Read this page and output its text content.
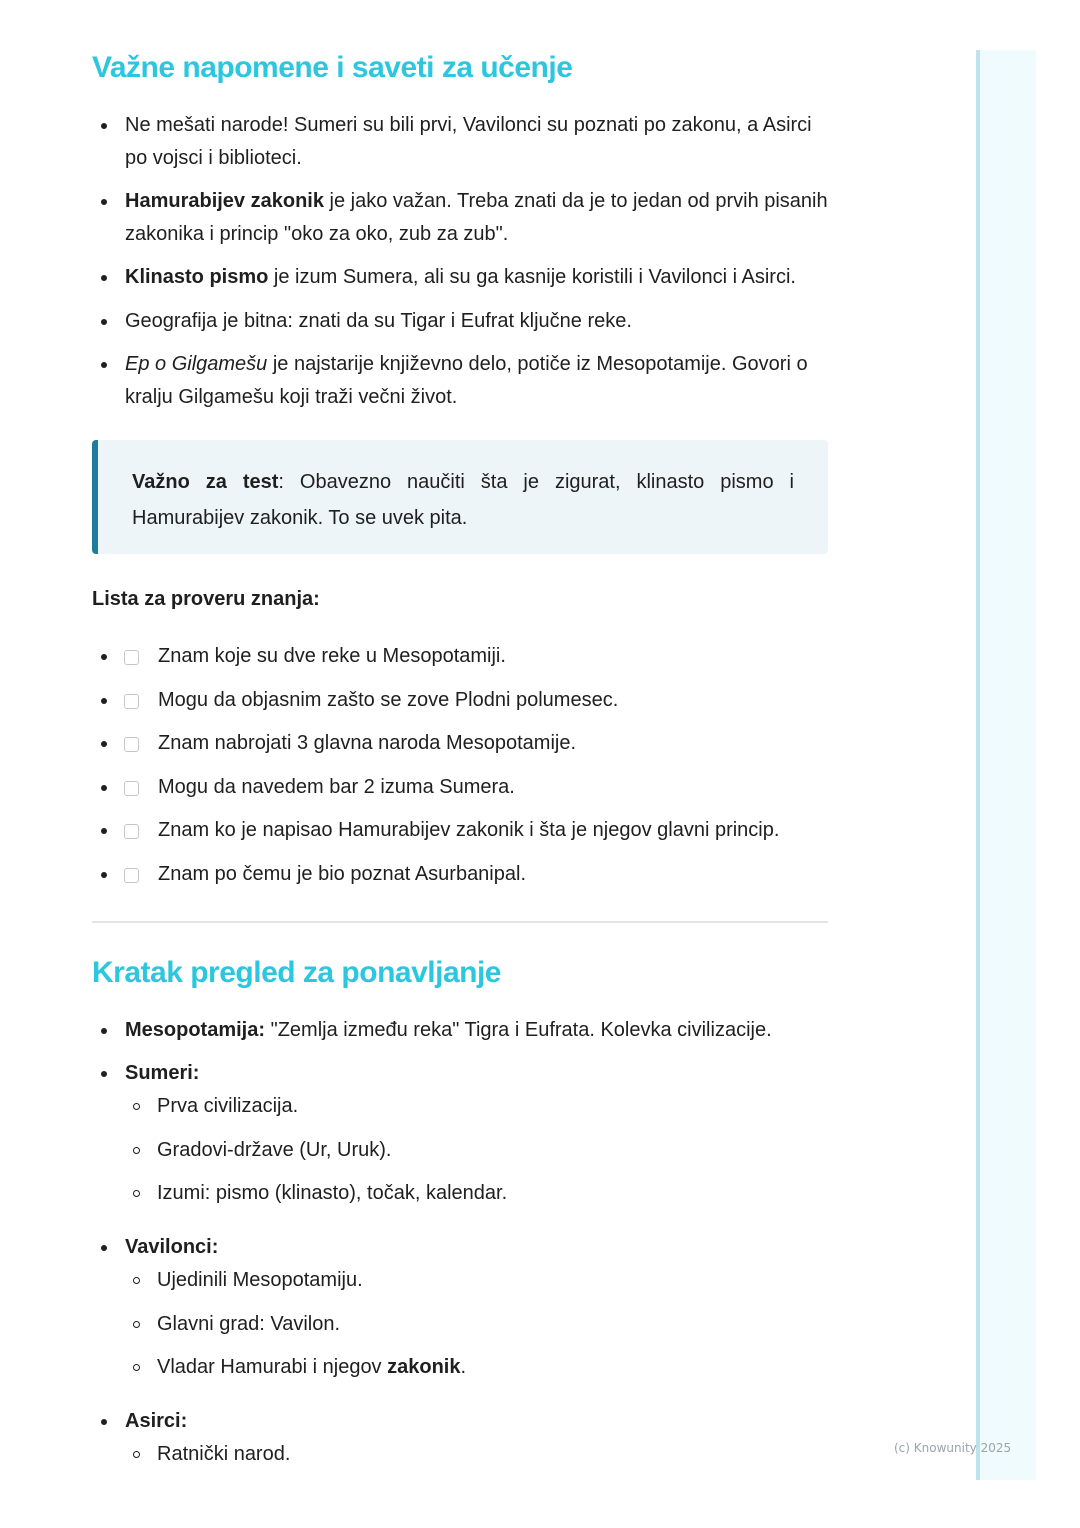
(c) Knowunity 2025
Važne napomene i saveti za učenje
Ne mešati narode! Sumeri su bili prvi, Vavilonci su poznati po zakonu, a Asirci po vojsci i biblioteci.
Hamurabijev zakonik je jako važan. Treba znati da je to jedan od prvih pisanih zakonika i princip "oko za oko, zub za zub".
Klinasto pismo je izum Sumera, ali su ga kasnije koristili i Vavilonci i Asirci.
Geografija je bitna: znati da su Tigar i Eufrat ključne reke.
Ep o Gilgamešu je najstarije književno delo, potiče iz Mesopotamije. Govori o kralju Gilgamešu koji traži večni život.
Važno za test: Obavezno naučiti šta je zigurat, klinasto pismo i Hamurabijev zakonik. To se uvek pita.
Lista za proveru znanja:
Znam koje su dve reke u Mesopotamiji.
Mogu da objasnim zašto se zove Plodni polumesec.
Znam nabrojati 3 glavna naroda Mesopotamije.
Mogu da navedem bar 2 izuma Sumera.
Znam ko je napisao Hamurabijev zakonik i šta je njegov glavni princip.
Znam po čemu je bio poznat Asurbanipal.
Kratak pregled za ponavljanje
Mesopotamija: "Zemlja između reka" Tigra i Eufrata. Kolevka civilizacije.
Sumeri:
Prva civilizacija.
Gradovi-države (Ur, Uruk).
Izumi: pismo (klinasto), točak, kalendar.
Vavilonci:
Ujedinili Mesopotamiju.
Glavni grad: Vavilon.
Vladar Hamurabi i njegov zakonik.
Asirci:
Ratnički narod.
